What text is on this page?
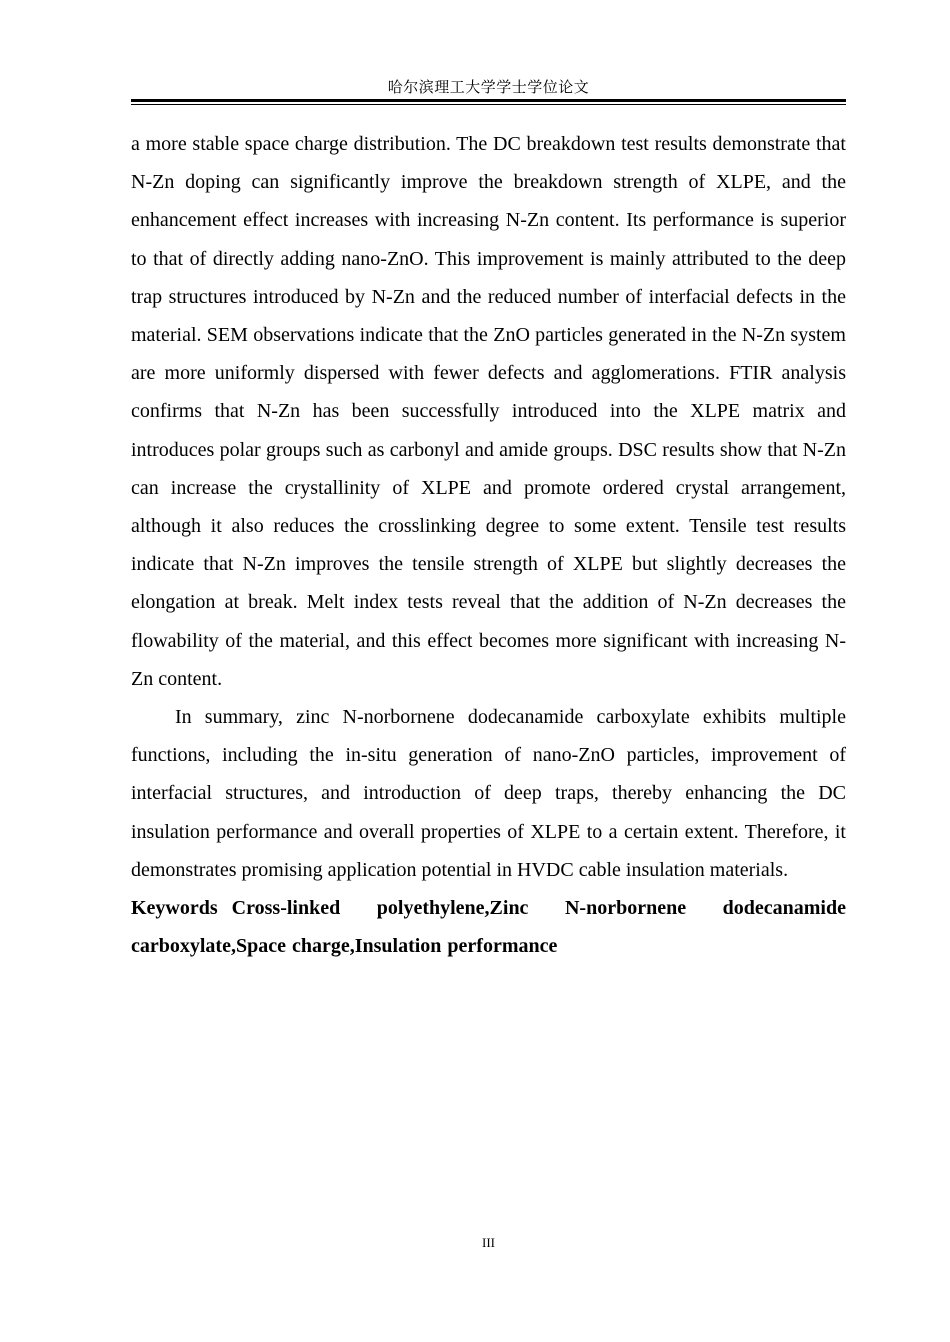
哈尔滨理工大学学士学位论文

a more stable space charge distribution. The DC breakdown test results demonstrate that N-Zn doping can significantly improve the breakdown strength of XLPE, and the enhancement effect increases with increasing N-Zn content. Its performance is superior to that of directly adding nano-ZnO. This improvement is mainly attributed to the deep trap structures introduced by N-Zn and the reduced number of interfacial defects in the material. SEM observations indicate that the ZnO particles generated in the N-Zn system are more uniformly dispersed with fewer defects and agglomerations. FTIR analysis confirms that N-Zn has been successfully introduced into the XLPE matrix and introduces polar groups such as carbonyl and amide groups. DSC results show that N-Zn can increase the crystallinity of XLPE and promote ordered crystal arrangement, although it also reduces the crosslinking degree to some extent. Tensile test results indicate that N-Zn improves the tensile strength of XLPE but slightly decreases the elongation at break. Melt index tests reveal that the addition of N-Zn decreases the flowability of the material, and this effect becomes more significant with increasing N-Zn content.

In summary, zinc N-norbornene dodecanamide carboxylate exhibits multiple functions, including the in-situ generation of nano-ZnO particles, improvement of interfacial structures, and introduction of deep traps, thereby enhancing the DC insulation performance and overall properties of XLPE to a certain extent. Therefore, it demonstrates promising application potential in HVDC cable insulation materials.

Keywords Cross-linked polyethylene,Zinc N-norbornene dodecanamide carboxylate,Space charge,Insulation performance

III
